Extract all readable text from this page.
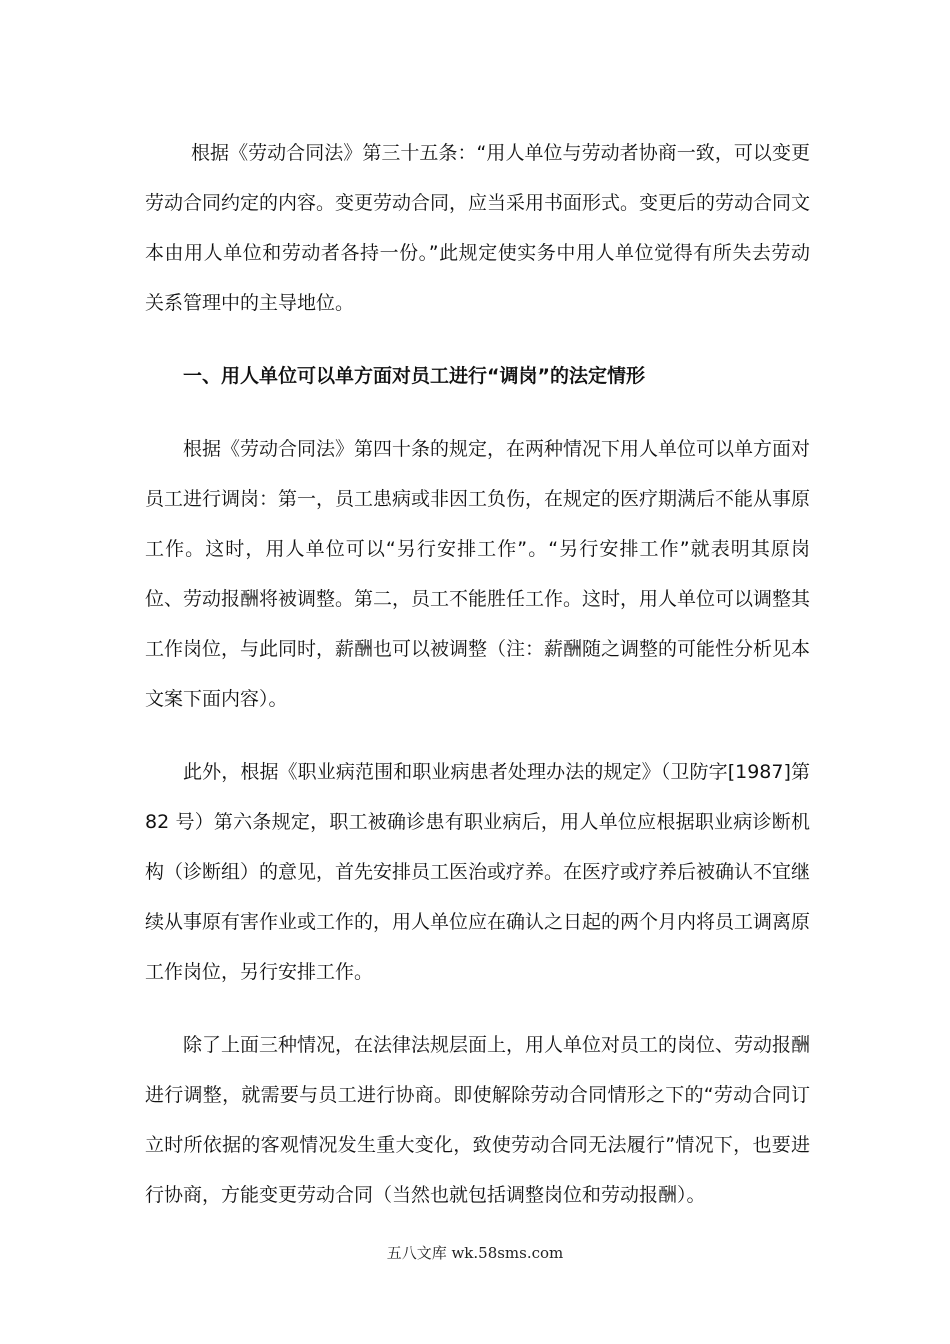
根据《劳动合同法》第三十五条：“用人单位与劳动者协商一致，可以变更劳动合同约定的内容。变更劳动合同，应当采用书面形式。变更后的劳动合同文本由用人单位和劳动者各持一份。”此规定使实务中用人单位觉得有所失去劳动关系管理中的主导地位。

一、用人单位可以单方面对员工进行“调岗”的法定情形

根据《劳动合同法》第四十条的规定，在两种情况下用人单位可以单方面对员工进行调岗：第一，员工患病或非因工负伤，在规定的医疗期满后不能从事原工作。这时，用人单位可以“另行安排工作”。“另行安排工作”就表明其原岗位、劳动报酬将被调整。第二，员工不能胜任工作。这时，用人单位可以调整其工作岗位，与此同时，薪酬也可以被调整（注：薪酬随之调整的可能性分析见本文案下面内容）。

此外，根据《职业病范围和职业病患者处理办法的规定》（卫防字[1987]第 82 号）第六条规定，职工被确诊患有职业病后，用人单位应根据职业病诊断机构（诊断组）的意见，首先安排员工医治或疗养。在医疗或疗养后被确认不宜继续从事原有害作业或工作的，用人单位应在确认之日起的两个月内将员工调离原工作岗位，另行安排工作。

除了上面三种情况，在法律法规层面上，用人单位对员工的岗位、劳动报酬进行调整，就需要与员工进行协商。即使解除劳动合同情形之下的“劳动合同订立时所依据的客观情况发生重大变化，致使劳动合同无法履行”情况下，也要进行协商，方能变更劳动合同（当然也就包括调整岗位和劳动报酬）。

五八文库 wk.58sms.com
